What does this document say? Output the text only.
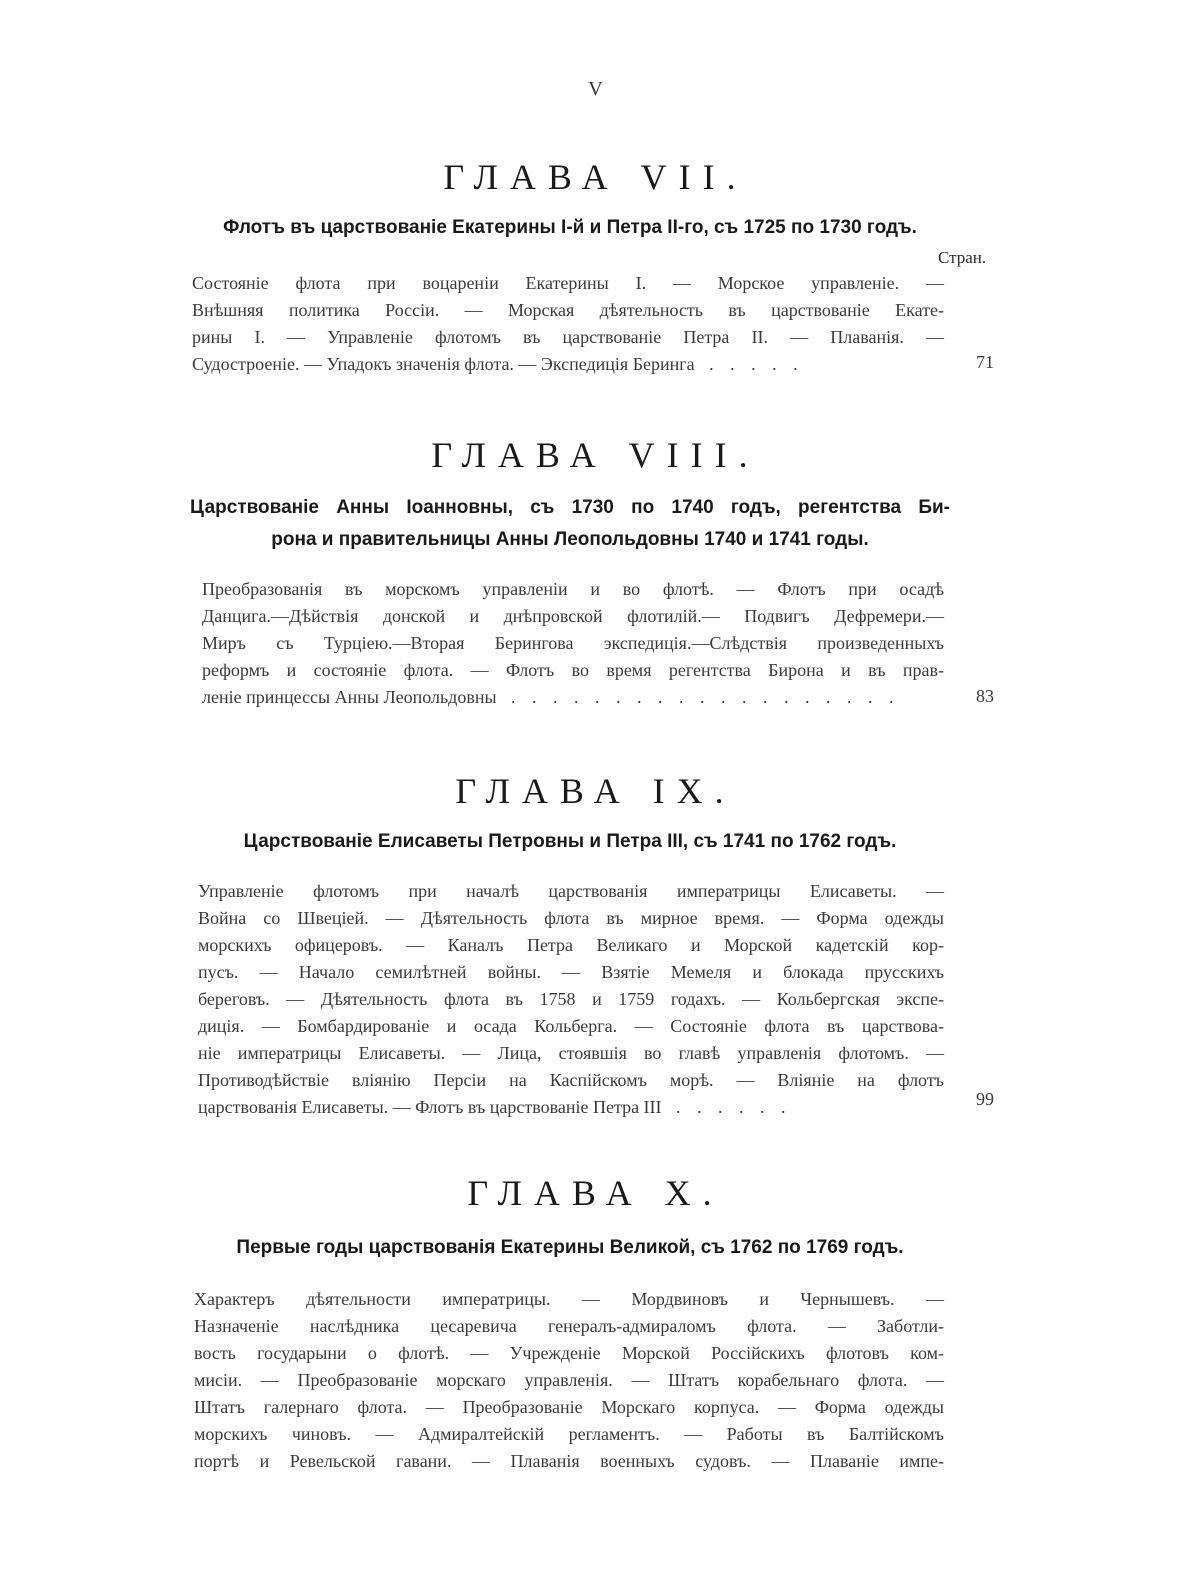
V
Стран.
ГЛАВА VII.
Флотъ въ царствованіе Екатерины I-й и Петра II-го, съ 1725 по 1730 годъ.
Состояніе флота при воцареніи Екатерины I. — Морское управленіе. —
Внѣшняя политика Россіи. — Морская дѣятельность въ царствованіе Екате-
рины I. — Управленіе флотомъ въ царствованіе Петра II. — Плаванія. —
Судостроеніе. — Упадокъ значенія флота. — Экспедиція Беринга . . . . .	71
ГЛАВА VIII.
Царствованіе Анны Іоанновны, съ 1730 по 1740 годъ, регентства Би-
рона и правительницы Анны Леопольдовны 1740 и 1741 годы.
Преобразованія въ морскомъ управленіи и во флотѣ. — Флотъ при осадѣ
Данцига.—Дѣйствія донской и днѣпровской флотилій.— Подвигъ Дефремери.—
Миръ съ Турціею.—Вторая Берингова экспедиція.—Слѣдствія произведенныхъ
реформъ и состояніе флота. — Флотъ во время регентства Бирона и въ прав-
леніе принцессы Анны Леопольдовны . . . . . . . . . . . . . . . . . . .	83
ГЛАВА IX.
Царствованіе Елисаветы Петровны и Петра III, съ 1741 по 1762 годъ.
Управленіе флотомъ при началѣ царствованія императрицы Елисаветы. —
Война со Швеціей. — Дѣятельность флота въ мирное время. — Форма одежды
морскихъ офицеровъ. — Каналъ Петра Великаго и Морской кадетскій кор-
пусъ. — Начало семилѣтней войны. — Взятіе Мемеля и блокада прусскихъ
береговъ. — Дѣятельность флота въ 1758 и 1759 годахъ. — Кольбергская экспе-
диція. — Бомбардированіе и осада Кольберга. — Состояніе флота въ царствова-
ніе императрицы Елисаветы. — Лица, стоявшія во главѣ управленія флотомъ. —
Противодѣйствіе вліянію Персіи на Каспійскомъ морѣ. — Вліяніе на флотъ
царствованія Елисаветы. — Флотъ въ царствованіе Петра III . . . . . .	99
ГЛАВА X.
Первые годы царствованія Екатерины Великой, съ 1762 по 1769 годъ.
Характеръ дѣятельности императрицы. — Мордвиновъ и Чернышевъ. —
Назначеніе наслѣдника цесаревича генералъ-адмираломъ флота. — Заботли-
вость государыни о флотѣ. — Учрежденіе Морской Россійскихъ флотовъ ком-
мисіи. — Преобразованіе морскаго управленія. — Штатъ корабельнаго флота. —
Штатъ галернаго флота. — Преобразованіе Морскаго корпуса. — Форма одежды
морскихъ чиновъ. — Адмиралтейскій регламентъ. — Работы въ Балтійскомъ
портѣ и Ревельской гавани. — Плаванія военныхъ судовъ. — Плаваніе импе-
